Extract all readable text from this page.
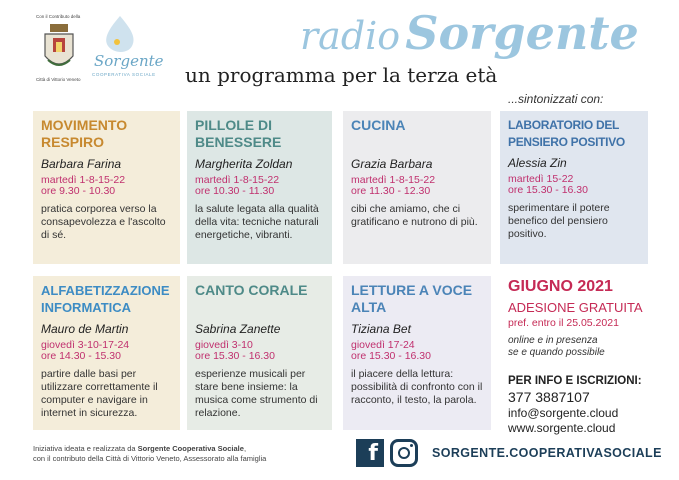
Con il Contributo della
Città di Vittorio Veneto
Sorgente
COOPERATIVA SOCIALE
radio Sorgente
un programma per la terza età
...sintonizzati con:
MOVIMENTO RESPIRO
Barbara Farina
martedì 1-8-15-22
ore 9.30 - 10.30
pratica corporea verso la consapevolezza e l'ascolto di sé.
PILLOLE DI BENESSERE
Margherita Zoldan
martedì 1-8-15-22
ore 10.30 - 11.30
la salute legata alla qualità della vita: tecniche naturali energetiche, vibranti.
CUCINA
Grazia Barbara
martedì 1-8-15-22
ore 11.30 - 12.30
cibi che amiamo, che ci gratificano e nutrono di più.
LABORATORIO DEL PENSIERO POSITIVO
Alessia Zin
martedì 15-22
ore 15.30 - 16.30
sperimentare il potere benefico del pensiero positivo.
ALFABETIZZAZIONE INFORMATICA
Mauro de Martin
giovedì 3-10-17-24
ore 14.30 - 15.30
partire dalle basi per utilizzare correttamente il computer e navigare in internet in sicurezza.
CANTO CORALE
Sabrina Zanette
giovedì 3-10
ore 15.30 - 16.30
esperienze musicali per stare bene insieme: la musica come strumento di relazione.
LETTURE A VOCE ALTA
Tiziana Bet
giovedì 17-24
ore 15.30 - 16.30
il piacere della lettura: possibilità di confronto con il racconto, il testo, la parola.
GIUGNO 2021
ADESIONE GRATUITA
pref. entro il 25.05.2021
online e in presenza
se e quando possibile
PER INFO E ISCRIZIONI:
377 3887107
info@sorgente.cloud
www.sorgente.cloud
Iniziativa ideata e realizzata da Sorgente Cooperativa Sociale,
con il contributo della Città di Vittorio Veneto, Assessorato alla famiglia	f	SORGENTE.COOPERATIVASOCIALE
